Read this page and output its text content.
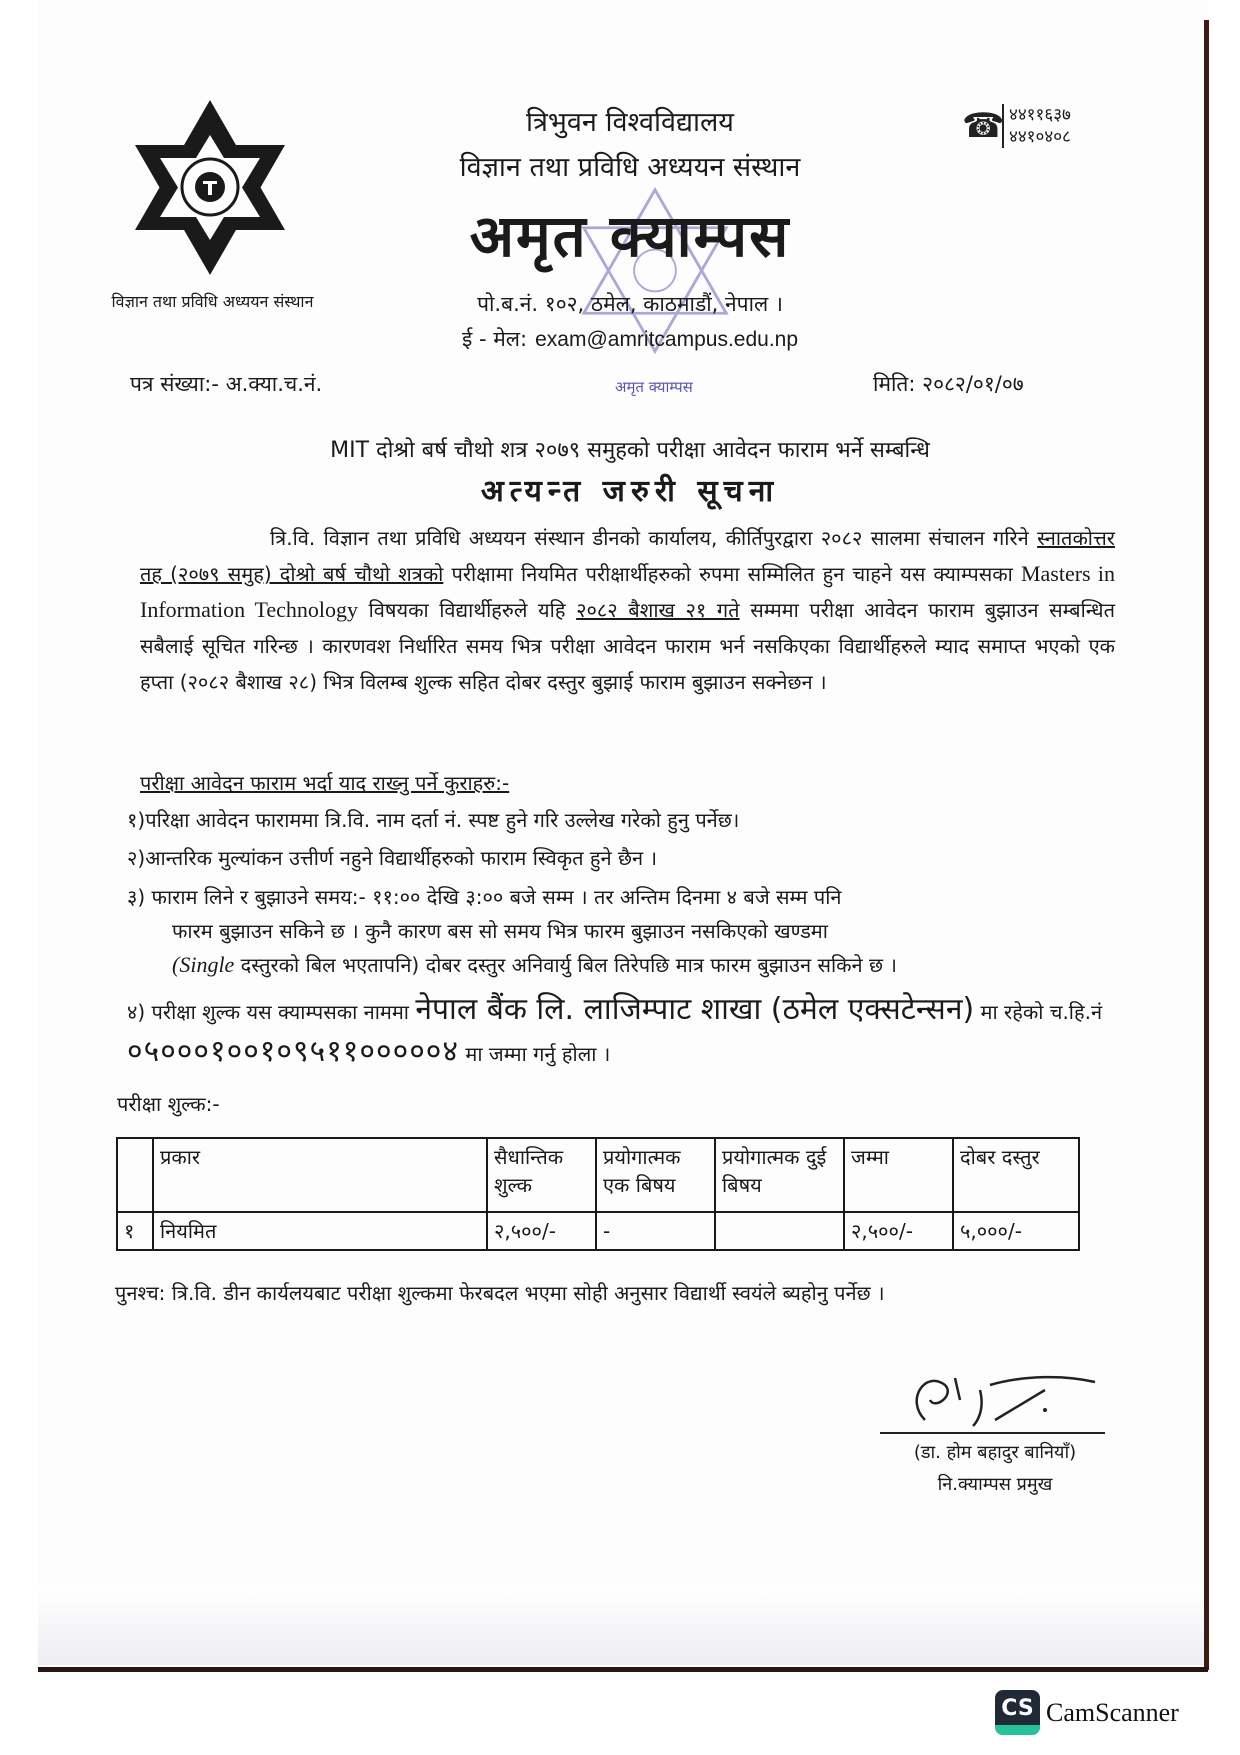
विज्ञान तथा प्रविधि अध्ययन संस्थान
त्रिभुवन विश्वविद्यालय
विज्ञान तथा प्रविधि अध्ययन संस्थान
अमृत क्याम्पस
पो.ब.नं. १०२, ठमेल, काठमाडौं, नेपाल ।
ई - मेल: exam@amritcampus.edu.np
अमृत क्याम्पस
☎ ४४११६३७
४४१०४०८
पत्र संख्या:- अ.क्या.च.नं.	मिति: २०८२/०१/०७
MIT दोश्रो बर्ष चौथो शत्र २०७९ समुहको परीक्षा आवेदन फाराम भर्ने सम्बन्धि
अत्यन्त जरुरी सूचना
त्रि.वि. विज्ञान तथा प्रविधि अध्ययन संस्थान डीनको कार्यालय, कीर्तिपुरद्वारा २०८२ सालमा संचालन गरिने स्नातकोत्तर तह (२०७९ समुह) दोश्रो बर्ष चौथो शत्रको परीक्षामा नियमित परीक्षार्थीहरुको रुपमा सम्मिलित हुन चाहने यस क्याम्पसका Masters in Information Technology विषयका विद्यार्थीहरुले यहि २०८२ बैशाख २१ गते सम्ममा परीक्षा आवेदन फाराम बुझाउन सम्बन्धित सबैलाई सूचित गरिन्छ । कारणवश निर्धारित समय भित्र परीक्षा आवेदन फाराम भर्न नसकिएका विद्यार्थीहरुले म्याद समाप्त भएको एक हप्ता (२०८२ बैशाख २८) भित्र विलम्ब शुल्क सहित दोबर दस्तुर बुझाई फाराम बुझाउन सक्नेछन ।
परीक्षा आवेदन फाराम भर्दा याद राख्नु पर्ने कुराहरु:-
१)परिक्षा आवेदन फाराममा त्रि.वि. नाम दर्ता नं. स्पष्ट हुने गरि उल्लेख गरेको हुनु पर्नेछ।
२)आन्तरिक मुल्यांकन उत्तीर्ण नहुने विद्यार्थीहरुको फाराम स्विकृत हुने छैन ।
३) फाराम लिने र बुझाउने समय:- ११:०० देखि ३:०० बजे सम्म । तर अन्तिम दिनमा ४ बजे सम्म पनि
फारम बुझाउन सकिने छ । कुनै कारण बस सो समय भित्र फारम बुझाउन नसकिएको खण्डमा
(Single दस्तुरको बिल भएतापनि) दोबर दस्तुर अनिवार्यु बिल तिरेपछि मात्र फारम बुझाउन सकिने छ ।
४) परीक्षा शुल्क यस क्याम्पसका नाममा नेपाल बैंक लि. लाजिम्पाट शाखा (ठमेल एक्सटेन्सन) मा रहेको च.हि.नं ०५०००१००१०९५११०००००४ मा जम्मा गर्नु होला ।
परीक्षा शुल्क:-
	प्रकार	सैधान्तिक शुल्क	प्रयोगात्मक एक बिषय	प्रयोगात्मक दुई बिषय	जम्मा	दोबर दस्तुर
१	नियमित	२,५००/-	-		२,५००/-	५,०००/-
पुनश्च: त्रि.वि. डीन कार्यलयबाट परीक्षा शुल्कमा फेरबदल भएमा सोही अनुसार विद्यार्थी स्वयंले ब्यहोनु पर्नेछ ।
(डा. होम बहादुर बानियाँ)
नि.क्याम्पस प्रमुख
CS CamScanner
